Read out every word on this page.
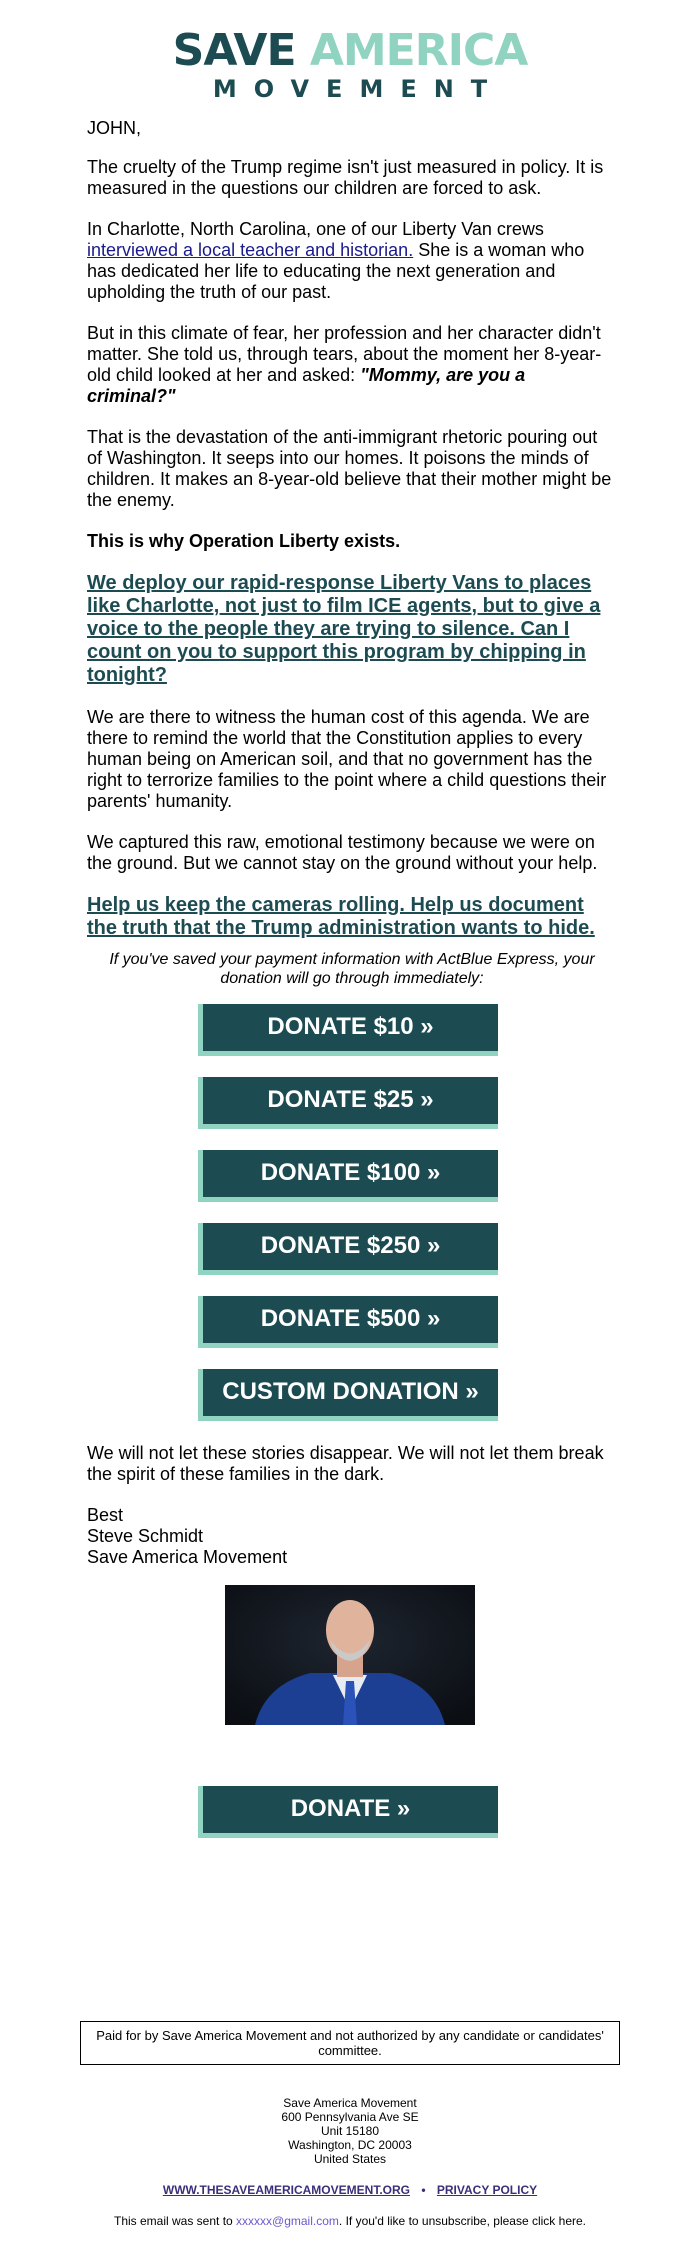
SAVE AMERICA
MOVEMENT

JOHN,

The cruelty of the Trump regime isn't just measured in policy. It is measured in the questions our children are forced to ask.

In Charlotte, North Carolina, one of our Liberty Van crews interviewed a local teacher and historian. She is a woman who has dedicated her life to educating the next generation and upholding the truth of our past.

But in this climate of fear, her profession and her character didn't matter. She told us, through tears, about the moment her 8-year-old child looked at her and asked: "Mommy, are you a criminal?"

That is the devastation of the anti-immigrant rhetoric pouring out of Washington. It seeps into our homes. It poisons the minds of children. It makes an 8-year-old believe that their mother might be the enemy.

This is why Operation Liberty exists.

We deploy our rapid-response Liberty Vans to places like Charlotte, not just to film ICE agents, but to give a voice to the people they are trying to silence. Can I count on you to support this program by chipping in tonight?

We are there to witness the human cost of this agenda. We are there to remind the world that the Constitution applies to every human being on American soil, and that no government has the right to terrorize families to the point where a child questions their parents' humanity.

We captured this raw, emotional testimony because we were on the ground. But we cannot stay on the ground without your help.

Help us keep the cameras rolling. Help us document the truth that the Trump administration wants to hide.
If you've saved your payment information with ActBlue Express, your donation will go through immediately:
DONATE $10 »
DONATE $25 »
DONATE $100 »
DONATE $250 »
DONATE $500 »
CUSTOM DONATION »

We will not let these stories disappear. We will not let them break the spirit of these families in the dark.

Best
Steve Schmidt
Save America Movement
DONATE »
Paid for by Save America Movement and not authorized by any candidate or candidates' committee.
Save America Movement
600 Pennsylvania Ave SE
Unit 15180
Washington, DC 20003
United States
WWW.THESAVEAMERICAMOVEMENT.ORG • PRIVACY POLICY
This email was sent to xxxxxx@gmail.com. If you'd like to unsubscribe, please click here.
